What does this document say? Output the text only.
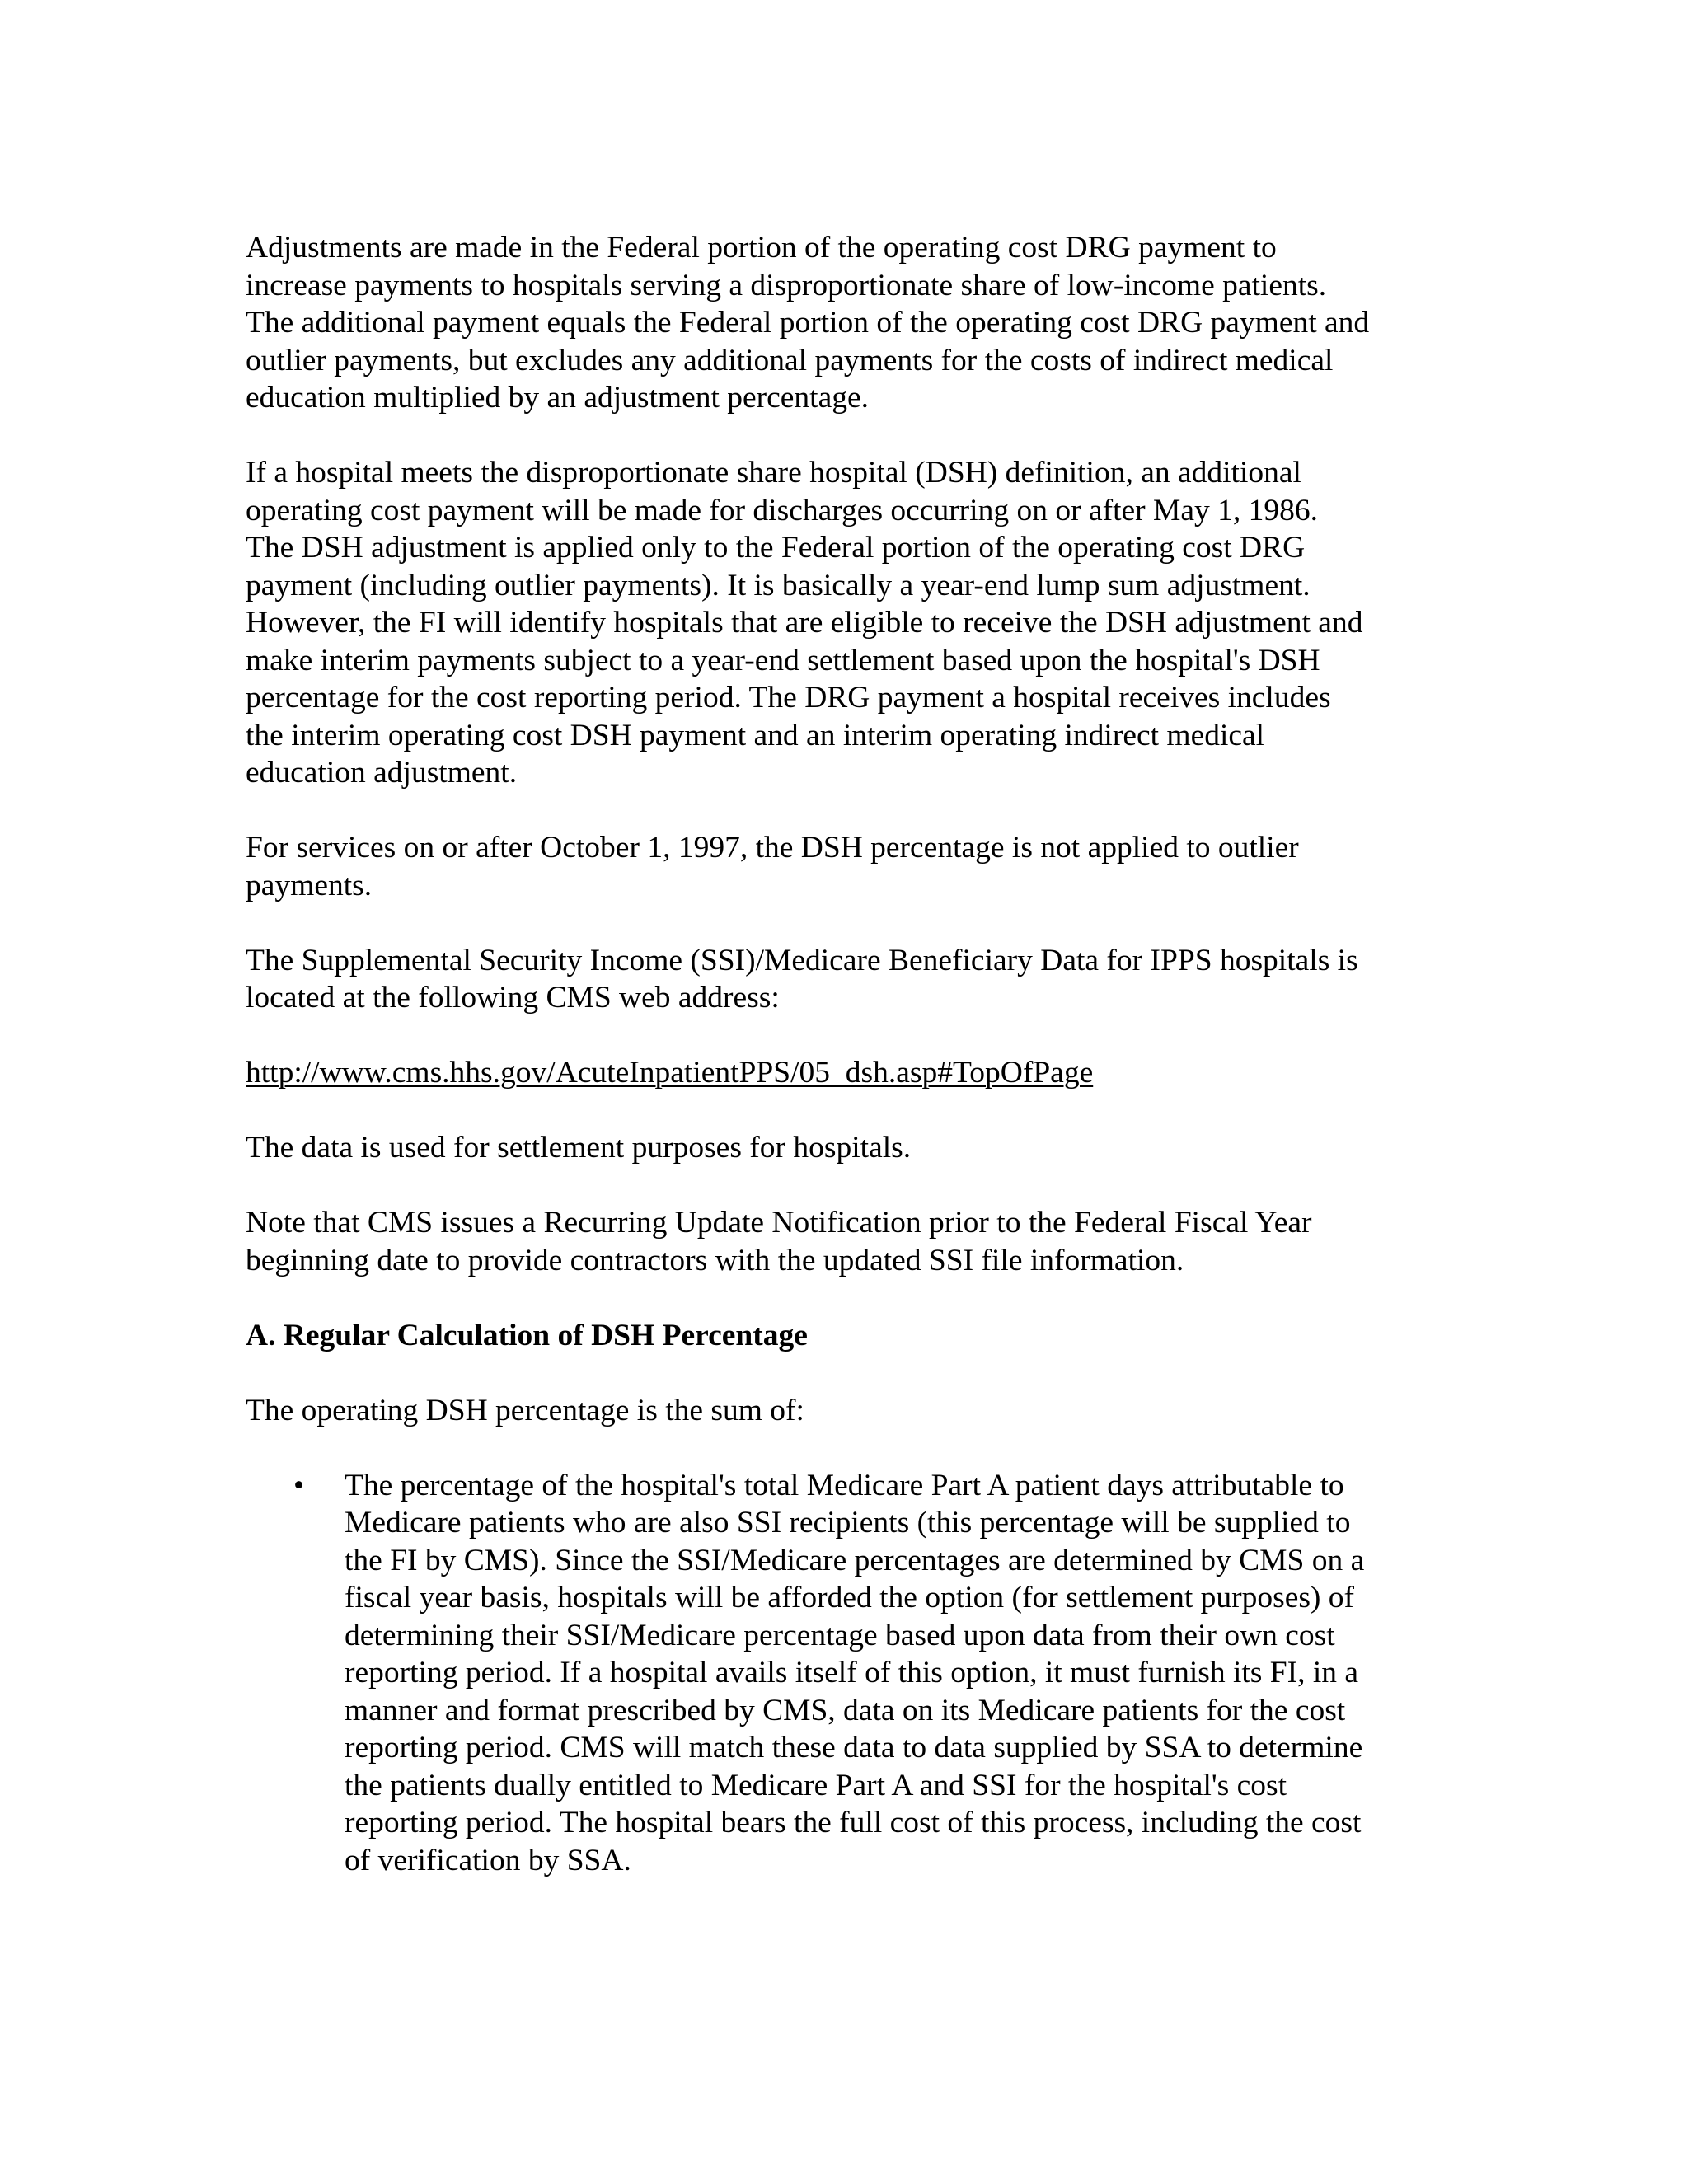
Adjustments are made in the Federal portion of the operating cost DRG payment to
increase payments to hospitals serving a disproportionate share of low-income patients.
The additional payment equals the Federal portion of the operating cost DRG payment and
outlier payments, but excludes any additional payments for the costs of indirect medical
education multiplied by an adjustment percentage.

If a hospital meets the disproportionate share hospital (DSH) definition, an additional
operating cost payment will be made for discharges occurring on or after May 1, 1986.
The DSH adjustment is applied only to the Federal portion of the operating cost DRG
payment (including outlier payments). It is basically a year-end lump sum adjustment.
However, the FI will identify hospitals that are eligible to receive the DSH adjustment and
make interim payments subject to a year-end settlement based upon the hospital's DSH
percentage for the cost reporting period. The DRG payment a hospital receives includes
the interim operating cost DSH payment and an interim operating indirect medical
education adjustment.

For services on or after October 1, 1997, the DSH percentage is not applied to outlier
payments.

The Supplemental Security Income (SSI)/Medicare Beneficiary Data for IPPS hospitals is
located at the following CMS web address:

http://www.cms.hhs.gov/AcuteInpatientPPS/05_dsh.asp#TopOfPage

The data is used for settlement purposes for hospitals.

Note that CMS issues a Recurring Update Notification prior to the Federal Fiscal Year
beginning date to provide contractors with the updated SSI file information.

A. Regular Calculation of DSH Percentage

The operating DSH percentage is the sum of:

• The percentage of the hospital's total Medicare Part A patient days attributable to
Medicare patients who are also SSI recipients (this percentage will be supplied to
the FI by CMS). Since the SSI/Medicare percentages are determined by CMS on a
fiscal year basis, hospitals will be afforded the option (for settlement purposes) of
determining their SSI/Medicare percentage based upon data from their own cost
reporting period. If a hospital avails itself of this option, it must furnish its FI, in a
manner and format prescribed by CMS, data on its Medicare patients for the cost
reporting period. CMS will match these data to data supplied by SSA to determine
the patients dually entitled to Medicare Part A and SSI for the hospital's cost
reporting period. The hospital bears the full cost of this process, including the cost
of verification by SSA.
